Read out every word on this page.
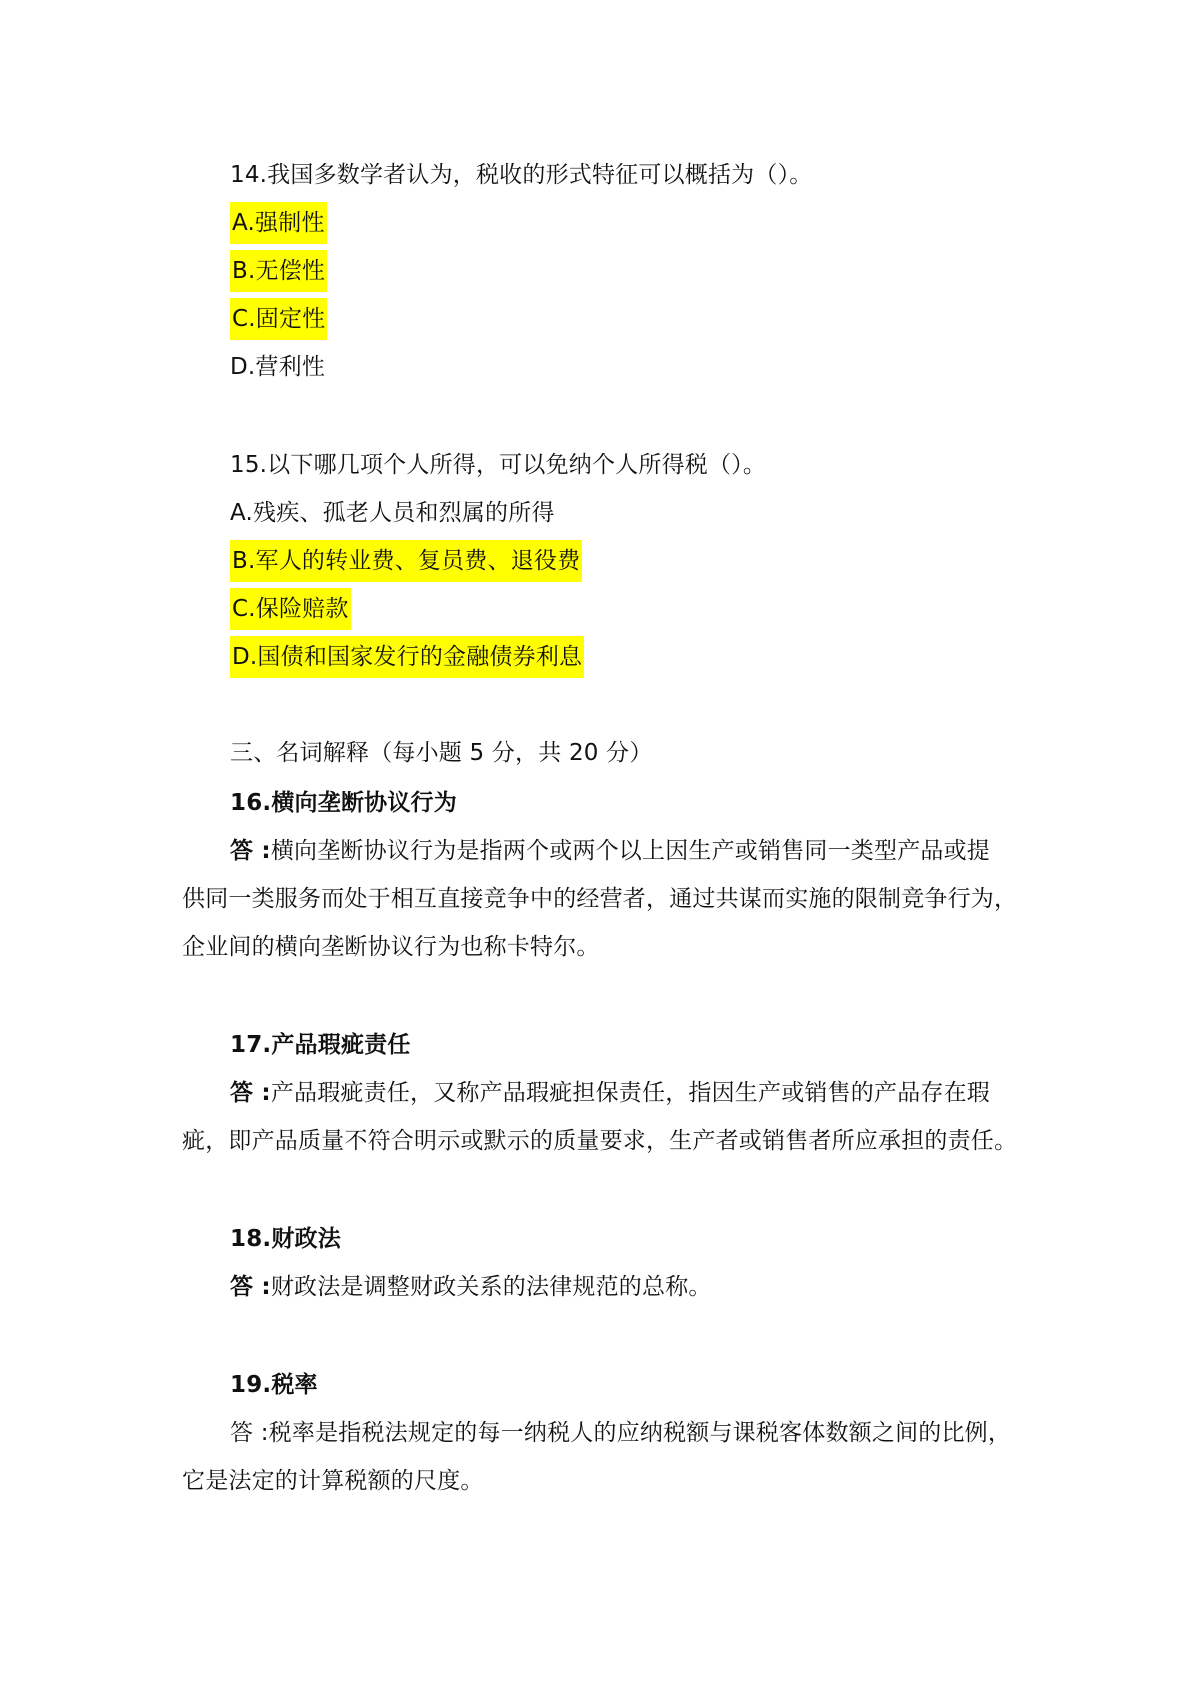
14.我国多数学者认为，税收的形式特征可以概括为（）。
A.强制性
B.无偿性
C.固定性
D.营利性
15.以下哪几项个人所得，可以免纳个人所得税（）。
A.残疾、孤老人员和烈属的所得
B.军人的转业费、复员费、退役费
C.保险赔款
D.国债和国家发行的金融债券利息
三、名词解释（每小题 5 分，共 20 分）
16.横向垄断协议行为
答 :横向垄断协议行为是指两个或两个以上因生产或销售同一类型产品或提
供同一类服务而处于相互直接竞争中的经营者，通过共谋而实施的限制竞争行为，
企业间的横向垄断协议行为也称卡特尔。
17.产品瑕疵责任
答 :产品瑕疵责任，又称产品瑕疵担保责任，指因生产或销售的产品存在瑕
疵，即产品质量不符合明示或默示的质量要求，生产者或销售者所应承担的责任。
18.财政法
答 :财政法是调整财政关系的法律规范的总称。
19.税率
答 :税率是指税法规定的每一纳税人的应纳税额与课税客体数额之间的比例，
它是法定的计算税额的尺度。
